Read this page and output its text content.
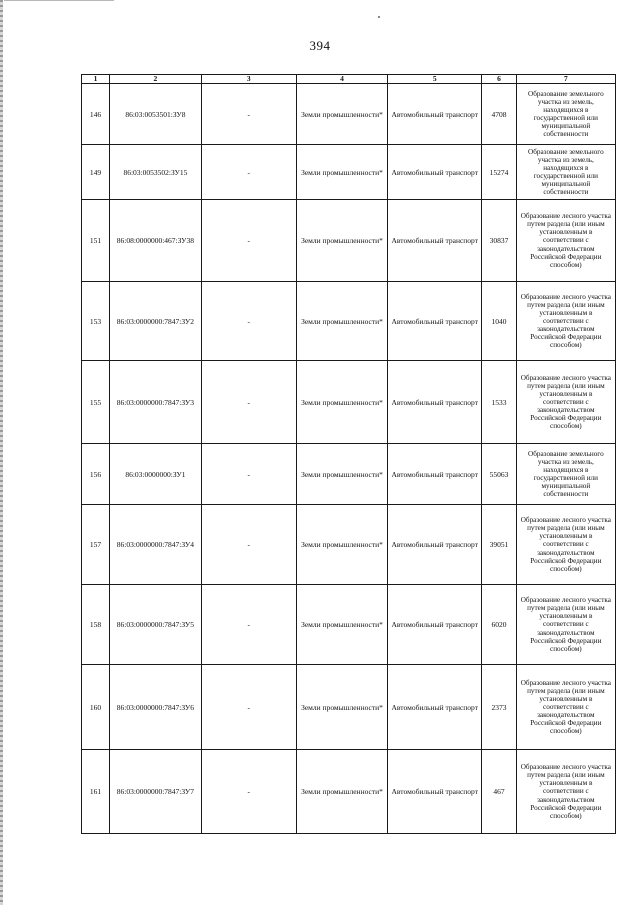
394
1	2	3	4	5	6	7
146	86:03:0053501:ЗУ8	-	Земли промышленности*	Автомобильный транспорт	4708	Образование земельного участка из земель, находящихся в государственной или муниципальной собственности
149	86:03:0053502:ЗУ15	-	Земли промышленности*	Автомобильный транспорт	15274	Образование земельного участка из земель, находящихся в государственной или муниципальной собственности
151	86:08:0000000:467:ЗУ38	-	Земли промышленности*	Автомобильный транспорт	30837	Образование лесного участка путем раздела (или иным установленным в соответствии с законодательством Российской Федерации способом)
153	86:03:0000000:7847:ЗУ2	-	Земли промышленности*	Автомобильный транспорт	1040	Образование лесного участка путем раздела (или иным установленным в соответствии с законодательством Российской Федерации способом)
155	86:03:0000000:7847:ЗУ3	-	Земли промышленности*	Автомобильный транспорт	1533	Образование лесного участка путем раздела (или иным установленным в соответствии с законодательством Российской Федерации способом)
156	86:03:0000000:ЗУ1	-	Земли промышленности*	Автомобильный транспорт	55063	Образование земельного участка из земель, находящихся в государственной или муниципальной собственности
157	86:03:0000000:7847:ЗУ4	-	Земли промышленности*	Автомобильный транспорт	39051	Образование лесного участка путем раздела (или иным установленным в соответствии с законодательством Российской Федерации способом)
158	86:03:0000000:7847:ЗУ5	-	Земли промышленности*	Автомобильный транспорт	6020	Образование лесного участка путем раздела (или иным установленным в соответствии с законодательством Российской Федерации способом)
160	86:03:0000000:7847:ЗУ6	-	Земли промышленности*	Автомобильный транспорт	2373	Образование лесного участка путем раздела (или иным установленным в соответствии с законодательством Российской Федерации способом)
161	86:03:0000000:7847:ЗУ7	-	Земли промышленности*	Автомобильный транспорт	467	Образование лесного участка путем раздела (или иным установленным в соответствии с законодательством Российской Федерации способом)
